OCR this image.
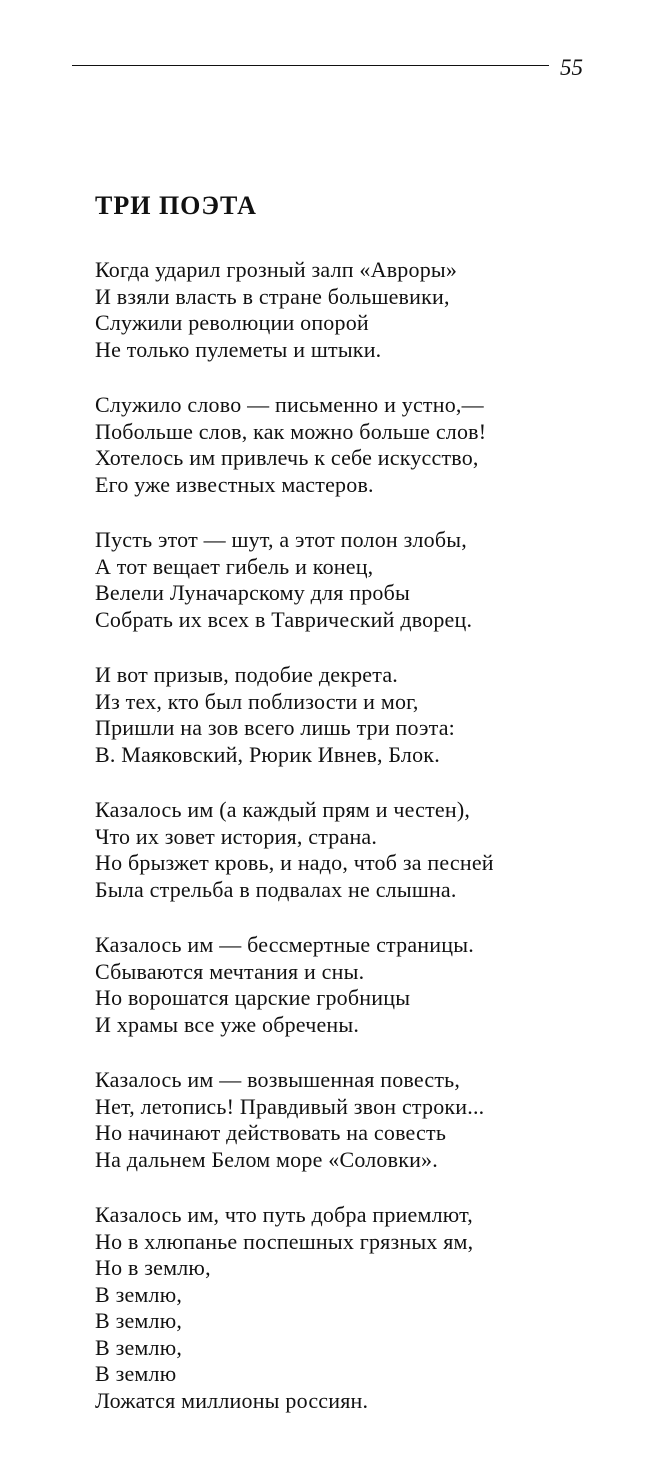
55
ТРИ ПОЭТА
Когда ударил грозный залп «Авроры»
И взяли власть в стране большевики,
Служили революции опорой
Не только пулеметы и штыки.
Служило слово — письменно и устно,—
Побольше слов, как можно больше слов!
Хотелось им привлечь к себе искусство,
Его уже известных мастеров.
Пусть этот — шут, а этот полон злобы,
А тот вещает гибель и конец,
Велели Луначарскому для пробы
Собрать их всех в Таврический дворец.
И вот призыв, подобие декрета.
Из тех, кто был поблизости и мог,
Пришли на зов всего лишь три поэта:
В. Маяковский, Рюрик Ивнев, Блок.
Казалось им (а каждый прям и честен),
Что их зовет история, страна.
Но брызжет кровь, и надо, чтоб за песней
Была стрельба в подвалах не слышна.
Казалось им — бессмертные страницы.
Сбываются мечтания и сны.
Но ворошатся царские гробницы
И храмы все уже обречены.
Казалось им — возвышенная повесть,
Нет, летопись! Правдивый звон строки...
Но начинают действовать на совесть
На дальнем Белом море «Соловки».
Казалось им, что путь добра приемлют,
Но в хлюпанье поспешных грязных ям,
Но в землю,
В землю,
В землю,
В землю,
В землю
Ложатся миллионы россиян.
